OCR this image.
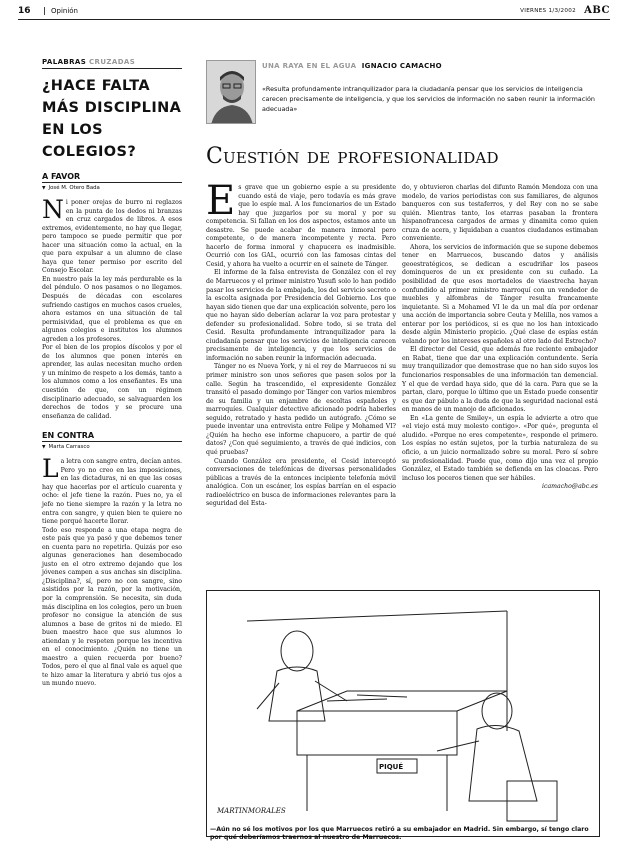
16	Opinión	VIERNES 1/3/2002 ABC
PALABRAS CRUZADAS
¿HACE FALTA MÁS DISCIPLINA EN LOS COLEGIOS?
A FAVOR
▼ José M. Otero Bada
N i poner orejas de burro ni reglazos en la punta de los dedos ni branzas en cruz cargados de libros. A esos extremos, evidentemente, no hay que llegar, pero tampoco se puede permitir que por hacer una situación como la actual, en la que para expulsar a un alumno de clase haya que tener permiso por escrito del Consejo Escolar.

En nuestro país la ley más perdurable es la del péndulo. O nos pasamos o no llegamos. Después de décadas con escolares sufriendo castigos en muchos casos crueles, ahora estamos en una situación de tal permisividad, que el problema es que en algunos colegios e institutos los alumnos agreden a los profesores.

Por el bien de los propios díscolos y por el de los alumnos que ponen interés en aprender, las aulas necesitan mucho orden y un mínimo de respeto a los demás, tanto a los alumnos como a los enseñantes. Es una cuestión de que, con un régimen disciplinario adecuado, se salvaguarden los derechos de todos y se procure una enseñanza de calidad.

EN CONTRA
▼ Marta Carrasco
L a letra con sangre entra, decían antes. Pero yo no creo en las imposiciones, en las dictaduras, ni en que las cosas hay que hacerlas por el artículo cuarenta y ocho: el jefe tiene la razón. Pues no, ya el jefe no tiene siempre la razón y la letra no entra con sangre, y quien bien te quiere no tiene porqué hacerte llorar.

Todo eso responde a una etapa negra de este país que ya pasó y que debemos tener en cuenta para no repetirla. Quizás por eso algunas generaciones han desembocado justo en el otro extremo dejando que los jóvenes campen a sus anchas sin disciplina. ¿Disciplina?, sí, pero no con sangre, sino asistidos por la razón, por la motivación, por la comprensión. Se necesita, sin duda más disciplina en los colegios, pero un buen profesor no consigue la atención de sus alumnos a base de gritos ni de miedo. El buen maestro hace que sus alumnos lo atiendan y le respeten porque les incentiva en el conocimiento. ¿Quién no tiene un maestro a quien recuerda por bueno? Todos, pero el que al final vale es aquel que te hizo amar la literatura y abrió tus ojos a un mundo nuevo.

UNA RAYA EN EL AGUA IGNACIO CAMACHO
«Resulta profundamente intranquilizador para la ciudadanía pensar que los servicios de inteligencia carecen precisamente de inteligencia, y que los servicios de información no saben reunir la información adecuada»
Cuestión de profesionalidad
E s grave que un gobierno espíe a su presidente cuando está de viaje, pero todavía es más grave que lo espíe mal. A los funcionarios de un Estado hay que juzgarlos por su moral y por su competencia. Si fallan en los dos aspectos, estamos ante un desastre. Se puede acabar de manera inmoral pero competente, o de manera incompetente y recta. Pero hacerlo de forma inmoral y chapucera es inadmisible. Ocurrió con los GAL, ocurrió con las famosas cintas del Cesid, y ahora ha vuelto a ocurrir en el sainete de Tánger.

El informe de la falsa entrevista de González con el rey de Marruecos y el primer ministro Yusufi solo lo han podido pasar los servicios de la embajada, los del servicio secreto o la escolta asignada por Presidencia del Gobierno. Los que hayan sido tienen que dar una explicación solvente, pero los que no hayan sido deberían aclarar la voz para protestar y defender su profesionalidad. Sobre todo, si se trata del Cesid. Resulta profundamente intranquilizador para la ciudadanía pensar que los servicios de inteligencia carecen precisamente de inteligencia, y que los servicios de información no saben reunir la información adecuada.

Tánger no es Nueva York, y ni el rey de Marruecos ni su primer ministro son unos señores que pasen solos por la calle. Según ha trascendido, el expresidente González transitó el pasado domingo por Tánger con varios miembros de su familia y un enjambre de escoltas españoles y marroquíes. Cualquier detective aficionado podría haberles seguido, retratado y hasta pedido un autógrafo. ¿Cómo se puede inventar una entrevista entre Felipe y Mohamed VI? ¿Quién ha hecho ese informe chapucero, a partir de qué datos? ¿Con qué seguimiento, a través de qué indicios, con qué pruebas?

Cuando González era presidente, el Cesid interceptó conversaciones de telefónicas de diversas personalidades públicas a través de la entonces incipiente telefonía móvil analógica. Con un escáner, los espías barrían en el espacio radioeléctrico en busca de informaciones relevantes para la seguridad del Esta-

do, y obtuvieron charlas del difunto Ramón Mendoza con una modelo, de varios periodistas con sus familiares, de algunos banqueros con sus testaferros, y del Rey con no se sabe quién. Mientras tanto, los etarras pasaban la frontera hispanofrancesa cargados de armas y dinamita como quien cruza de acera, y liquidaban a cuantos ciudadanos estimaban conveniente.

Ahora, los servicios de información que se supone debemos tener en Marruecos, buscando datos y análisis geoestratégicos, se dedican a escudriñar los paseos dominqueros de un ex presidente con su cuñado. La posibilidad de que esos mortadelos de viaestrecha hayan confundido al primer ministro marroquí con un vendedor de muebles y alfombras de Tánger resulta francamente inquietante. Si a Mohamed VI le da un mal día por ordenar una acción de importancia sobre Ceuta y Melilla, nos vamos a enterar por los periódicos, si es que no los han intoxicado desde algún Ministerio propicio. ¿Qué clase de espías están velando por los intereses españoles al otro lado del Estrecho?

El director del Cesid, que además fue reciente embajador en Rabat, tiene que dar una explicación contundente. Sería muy tranquilizador que demostrase que no han sido suyos los funcionarios responsables de una información tan demencial. Y el que de verdad haya sido, que dé la cara. Para que se la partan, claro, porque lo último que un Estado puede consentir es que dar pábulo a la duda de que la seguridad nacional está en manos de un manojo de aficionados.

En «La gente de Smiley», un espía le advierte a otro que «el viejo está muy molesto contigo». «Por qué», pregunta el aludido. «Porque no eres competente», responde el primero. Los espías no están sujetos, por la turbia naturaleza de su oficio, a un juicio normalizado sobre su moral. Pero sí sobre su profesionalidad. Puede que, como dijo una vez el propio González, el Estado también se defienda en las cloacas. Pero incluso los poceros tienen que ser hábiles.

icamacho@abc.es
PIQUÉ
MARTINMORALES
—Aún no sé los motivos por los que Marruecos retiró a su embajador en Madrid. Sin embargo, sí tengo claro por qué deberíamos traernos al nuestro de Marruecos.
